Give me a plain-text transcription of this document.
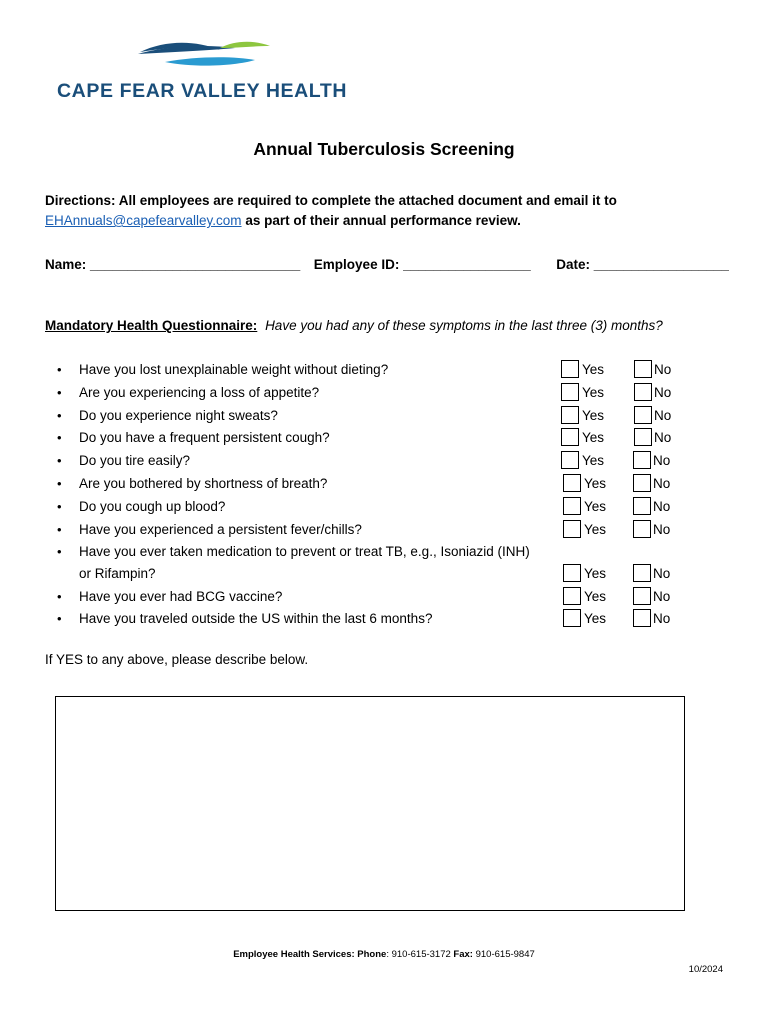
CAPE FEAR VALLEY HEALTH
Annual Tuberculosis Screening
Directions: All employees are required to complete the attached document and email it to
EHAnnuals@capefearvalley.com as part of their annual performance review.
Name: ____________________________ Employee ID: _________________ Date: __________________
Mandatory Health Questionnaire: Have you had any of these symptoms in the last three (3) months?
• Have you lost unexplainable weight without dieting?	Yes	No
• Are you experiencing a loss of appetite?	Yes	No
• Do you experience night sweats?	Yes	No
• Do you have a frequent persistent cough?	Yes	No
• Do you tire easily?	Yes	No
• Are you bothered by shortness of breath?	Yes	No
• Do you cough up blood?	Yes	No
• Have you experienced a persistent fever/chills?	Yes	No
• Have you ever taken medication to prevent or treat TB, e.g., Isoniazid (INH)
or Rifampin?	Yes	No
• Have you ever had BCG vaccine?	Yes	No
• Have you traveled outside the US within the last 6 months?	Yes	No
If YES to any above, please describe below.
Employee Health Services: Phone: 910-615-3172 Fax: 910-615-9847
10/2024
